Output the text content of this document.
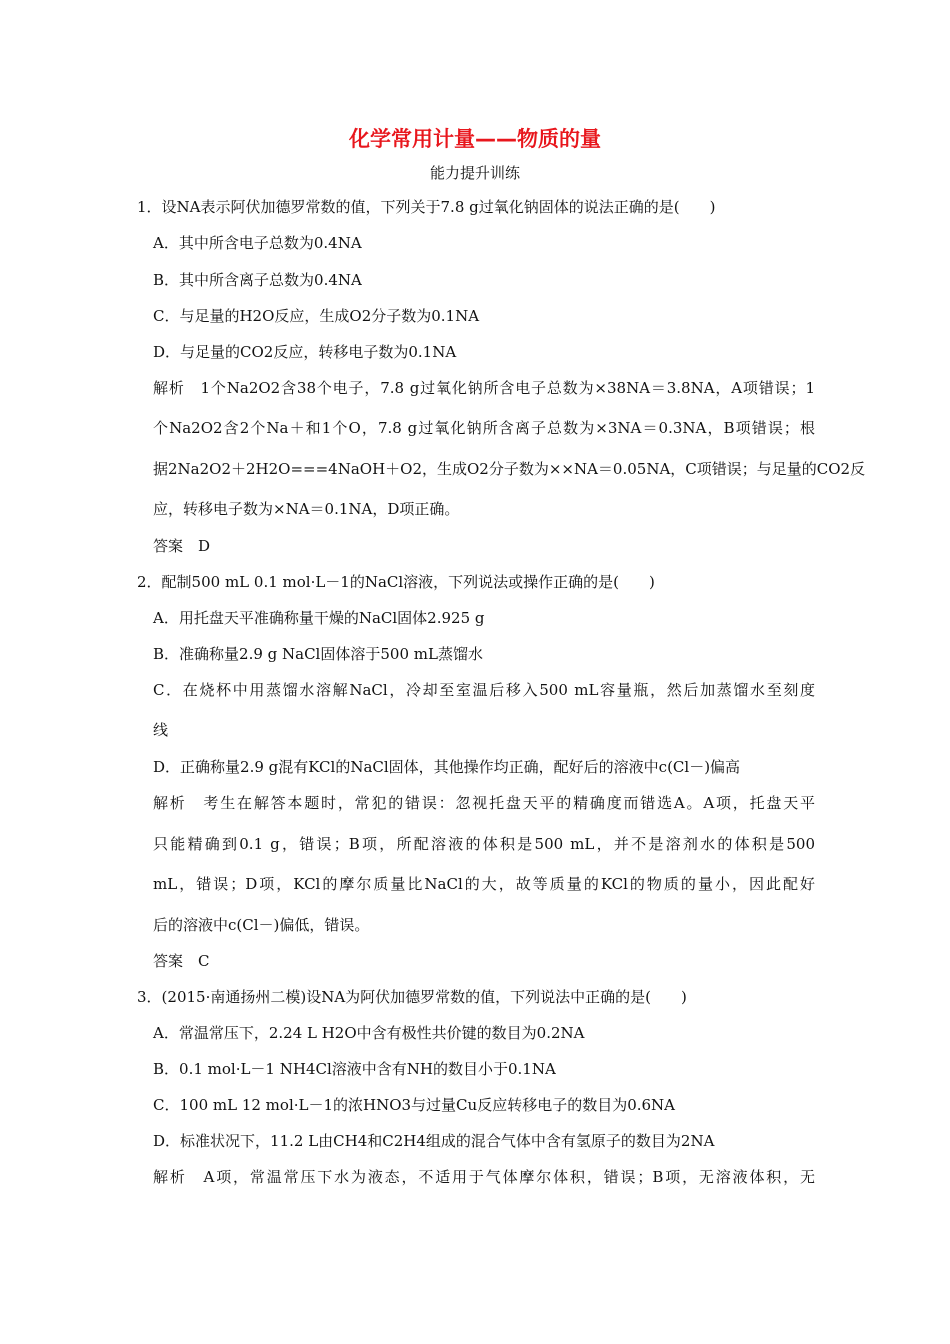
化学常用计量——物质的量
能力提升训练
1．设NA表示阿伏加德罗常数的值，下列关于7.8 g过氧化钠固体的说法正确的是(　　)
A．其中所含电子总数为0.4NA
B．其中所含离子总数为0.4NA
C．与足量的H2O反应，生成O2分子数为0.1NA
D．与足量的CO2反应，转移电子数为0.1NA
解析　1个Na2O2含38个电子，7.8 g过氧化钠所含电子总数为×38NA＝3.8NA，A项错误；1
个Na2O2含2个Na＋和1个O，7.8 g过氧化钠所含离子总数为×3NA＝0.3NA，B项错误；根
据2Na2O2＋2H2O===4NaOH＋O2，生成O2分子数为××NA＝0.05NA，C项错误；与足量的CO2反
应，转移电子数为×NA＝0.1NA，D项正确。
答案　D
2．配制500 mL 0.1 mol·L－1的NaCl溶液，下列说法或操作正确的是(　　)
A．用托盘天平准确称量干燥的NaCl固体2.925 g
B．准确称量2.9 g NaCl固体溶于500 mL蒸馏水
C．在烧杯中用蒸馏水溶解NaCl，冷却至室温后移入500 mL容量瓶，然后加蒸馏水至刻度
线
D．正确称量2.9 g混有KCl的NaCl固体，其他操作均正确，配好后的溶液中c(Cl－)偏高
解析　考生在解答本题时，常犯的错误：忽视托盘天平的精确度而错选A。A项，托盘天平
只能精确到0.1 g，错误；B项，所配溶液的体积是500 mL，并不是溶剂水的体积是500
mL，错误；D项，KCl的摩尔质量比NaCl的大，故等质量的KCl的物质的量小，因此配好
后的溶液中c(Cl－)偏低，错误。
答案　C
3．(2015·南通扬州二模)设NA为阿伏加德罗常数的值，下列说法中正确的是(　　)
A．常温常压下，2.24 L H2O中含有极性共价键的数目为0.2NA
B．0.1 mol·L－1 NH4Cl溶液中含有NH的数目小于0.1NA
C．100 mL 12 mol·L－1的浓HNO3与过量Cu反应转移电子的数目为0.6NA
D．标准状况下，11.2 L由CH4和C2H4组成的混合气体中含有氢原子的数目为2NA
解析　A项，常温常压下水为液态，不适用于气体摩尔体积，错误；B项，无溶液体积，无
